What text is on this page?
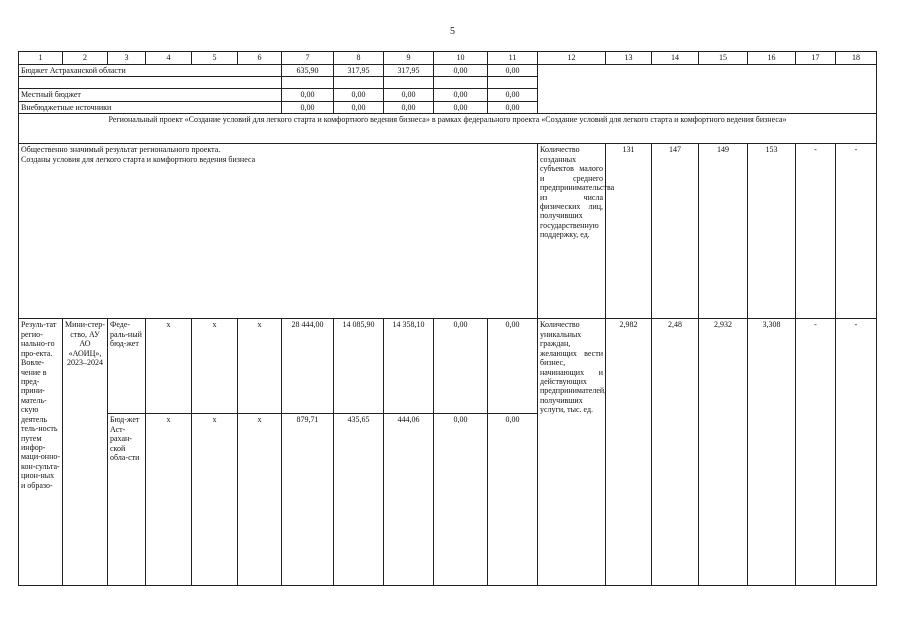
5
1	2	3	4	5	6	7	8	9	10	11	12	13	14	15	16	17	18
Бюджет Астраханской области						635,90	317,95	317,95	0,00	0,00							

Местный бюджет						0,00	0,00	0,00	0,00	0,00							
Внебюджетные источники						0,00	0,00	0,00	0,00	0,00							
Региональный проект «Создание условий для легкого старта и комфортного ведения бизнеса» в рамках федерального проекта «Создание условий для легкого старта и комфортного ведения бизнеса»																	

Общественно значимый результат регионального проекта.
Созданы условия для легкого старта и комфортного ведения бизнеса											Количество созданных субъектов малого и среднего предпринимательства из числа физических лиц, получивших государственную поддержку, ед.	131	147	149	153	-	-
Резуль-тат регио-нально-го про-екта. Вовле-чение в пред-прини-матель-скую деятель тель-ность путем инфор-маци-онно-кон-сульта-цион-ных и образо-	Мини-стер-ство, АУ АО «АОИЦ», 2023–2024	Феде-раль-ный бюд-жет	x	x	x	28 444,00	14 085,90	14 358,10	0,00	0,00	Количество уникальных граждан, желающих вести бизнес, начинающих и действующих предпринимателей, получивших услуги, тыс. ед.	2,982	2,48	2,932	3,308	-	-
		Бюд-жет Аст-рахан-ской обла-сти	x	x	x	879,71	435,65	444,06	0,00	0,00							
